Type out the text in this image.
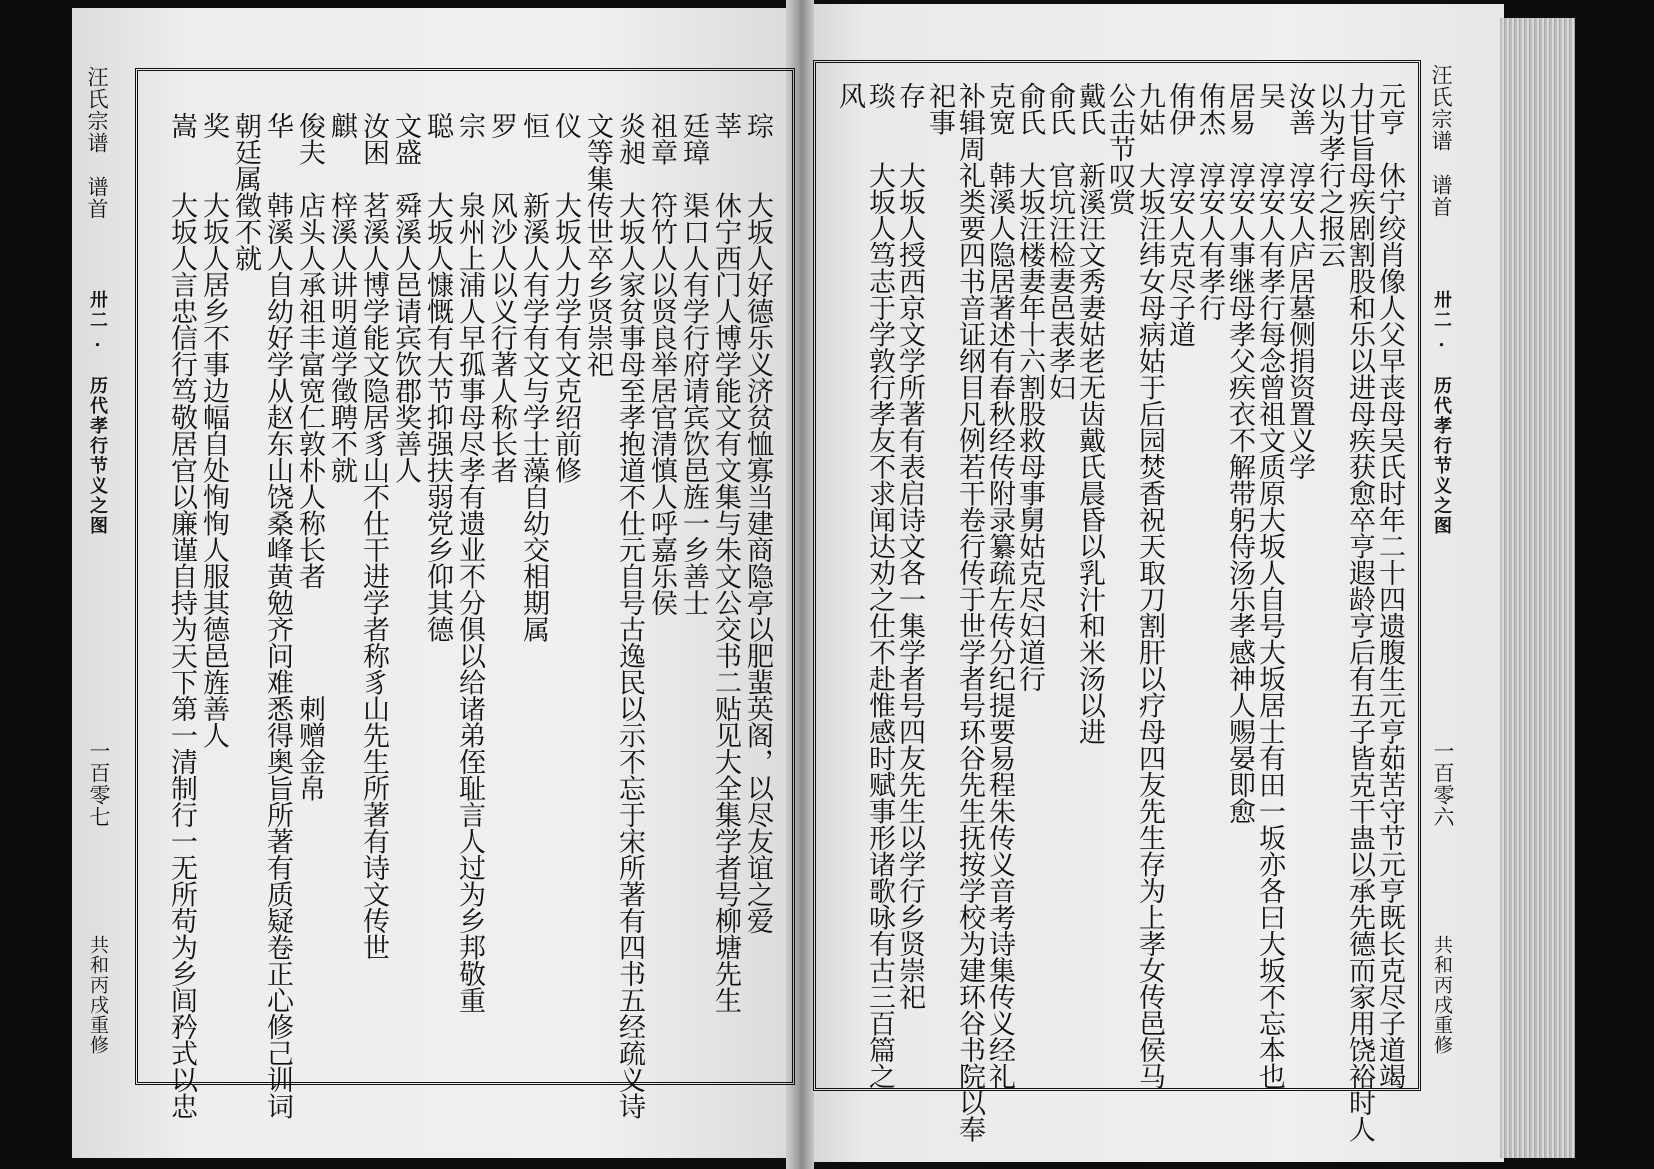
汪氏宗谱　谱首
卅二. 历代孝行节义之图
一百零七
共和丙戌重修
汪氏宗谱　谱首
卅二. 历代孝行节义之图
一百零六
共和丙戌重修
琮　　大坂人好德乐义济贫恤寡当建商隐亭以肥蜚英阁，以尽友谊之爱
莘　　休宁西门人博学能文有文集与朱文公交书二贴见大全集学者号柳塘先生
廷璋　渠口人有学行府请宾饮邑旌一乡善士
祖章　符竹人以贤良举居官清慎人呼嘉乐侯
炎昶　大坂人家贫事母至孝抱道不仕元自号古逸民以示不忘于宋所著有四书五经疏义诗
文等集传世卒乡贤崇祀
仪　　大坂人力学有文克绍前修
恒　　新溪人有学有文与学士藻自幼交相期属
罗　　风沙人以义行著人称长者
宗　　泉州上浦人早孤事母尽孝有遗业不分俱以给诸弟侄耻言人过为乡邦敬重
聪　　大坂人慷慨有大节抑强扶弱党乡仰其德
文盛　舜溪人邑请宾饮郡奖善人
汝困　茗溪人博学能文隐居豸山不仕干进学者称豸山先生所著有诗文传世
麒　　梓溪人讲明道学徵聘不就
俊夫　店头人承祖丰富宽仁敦朴人称长者　　　　刺赠金帛
华　　韩溪人自幼好学从赵东山饶桑峰黄勉齐问难悉得奥旨所著有质疑卷正心修己训词
朝廷属徵不就
奖　　大坂人居乡不事边幅自处恂恂人服其德邑旌善人
嵩　　大坂人言忠信行笃敬居官以廉谨自持为天下第一清制行一无所苟为乡闾矜式以忠	元亨　休宁绞肖像人父早丧母吴氏时年二十四遗腹生元亨茹苦守节元亨既长克尽子道竭
力甘旨母疾剧割股和乐以进母疾获愈卒亨遐龄亨后有五子皆克干蛊以承先德而家用饶裕时人
以为孝行之报云
汝善　淳安人庐居墓侧捐资置义学
吴　　淳安人有孝行每念曾祖文质原大坂人自号大坂居士有田一坂亦各曰大坂不忘本也
居易　淳安人事继母孝父疾衣不解带躬侍汤乐孝感神人赐晏即愈
侑杰　淳安人有孝行
侑伊　淳安人克尽子道
九姑　大坂汪纬女母病姑于后园焚香祝天取刀割肝以疗母四友先生存为上孝女传邑侯马
公击节叹赏
戴氏　新溪汪文秀妻姑老无齿戴氏晨昏以乳汁和米汤以进
俞氏　官坑汪检妻邑表孝妇
俞氏　大坂汪楼妻年十六割股救母事舅姑克尽妇道行
克宽　韩溪人隐居著述有春秋经传附录纂疏左传分纪提要易程朱传义音考诗集传义经礼
补辑周礼类要四书音证纲目凡例若干卷行传于世学者号环谷先生抚按学校为建环谷书院以奉
祀事
存　　大坂人授西京文学所著有表启诗文各一集学者号四友先生以学行乡贤崇祀
琰　　大坂人笃志于学敦行孝友不求闻达劝之仕不赴惟感时赋事形诸歌咏有古三百篇之
风
